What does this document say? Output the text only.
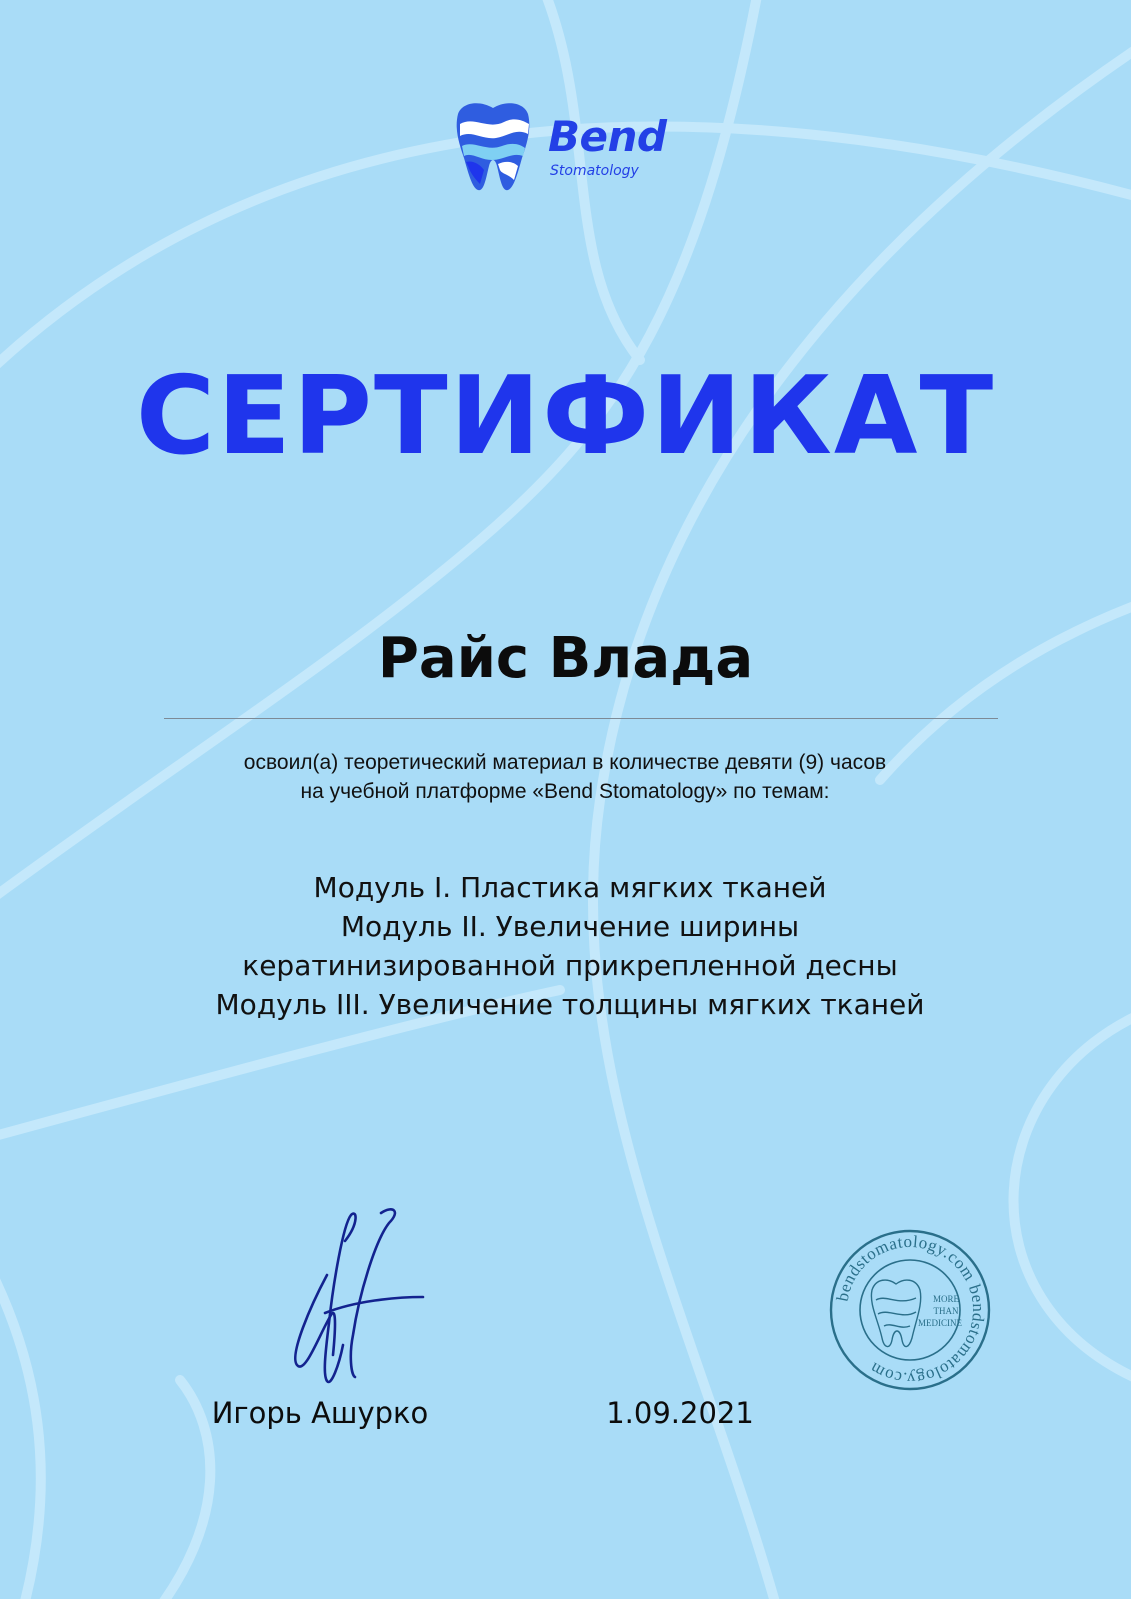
Bend
Stomatology
СЕРТИФИКАТ
Райс Влада
освоил(а) теоретический материал в количестве девяти (9) часов
на учебной платформе «Bend Stomatology» по темам:
Модуль I. Пластика мягких тканей
Модуль II. Увеличение ширины
кератинизированной прикрепленной десны
Модуль III. Увеличение толщины мягких тканей
Игорь Ашурко	1.09.2021
bendstomatology.com bendstomatology.com
MORE
THAN
MEDICINE
